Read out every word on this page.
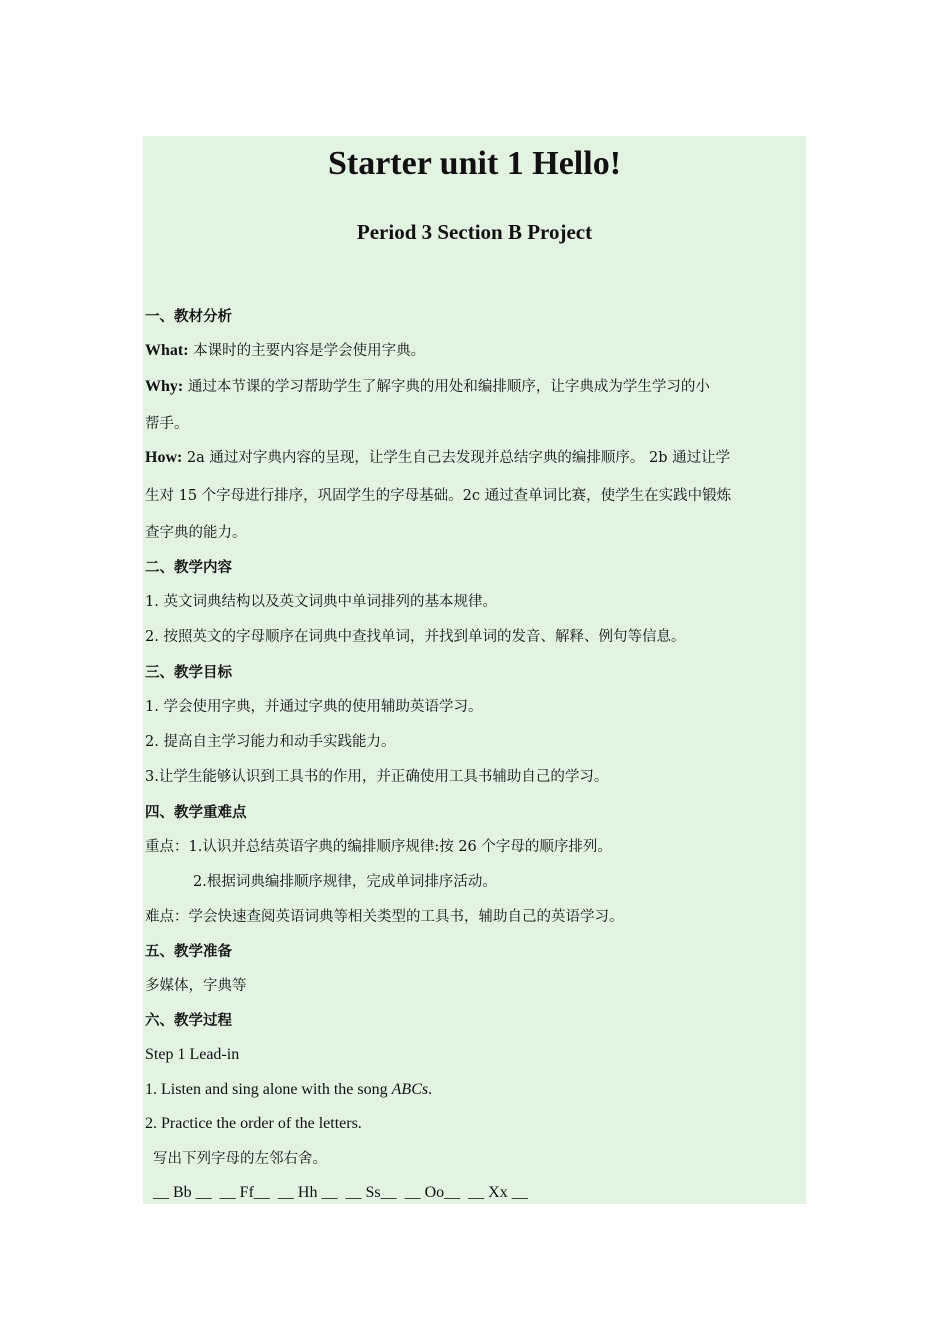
Starter unit 1 Hello!
Period 3 Section B Project
一、教材分析
What: 本课时的主要内容是学会使用字典。
Why: 通过本节课的学习帮助学生了解字典的用处和编排顺序，让字典成为学生学习的小
帮手。
How: 2a 通过对字典内容的呈现，让学生自己去发现并总结字典的编排顺序。 2b 通过让学
生对 15 个字母进行排序，巩固学生的字母基础。2c 通过查单词比赛，使学生在实践中锻炼
查字典的能力。
二、教学内容
1. 英文词典结构以及英文词典中单词排列的基本规律。
2. 按照英文的字母顺序在词典中查找单词，并找到单词的发音、解释、例句等信息。
三、教学目标
1. 学会使用字典，并通过字典的使用辅助英语学习。
2. 提高自主学习能力和动手实践能力。
3.让学生能够认识到工具书的作用，并正确使用工具书辅助自己的学习。
四、教学重难点
重点：1.认识并总结英语字典的编排顺序规律:按 26 个字母的顺序排列。
2.根据词典编排顺序规律，完成单词排序活动。
难点：学会快速查阅英语词典等相关类型的工具书，辅助自己的英语学习。
五、教学准备
多媒体，字典等
六、教学过程
Step 1 Lead-in
1. Listen and sing alone with the song ABCs.
2. Practice the order of the letters.
写出下列字母的左邻右舍。
__ Bb __  __ Ff__  __ Hh __  __ Ss__  __ Oo__  __ Xx __
